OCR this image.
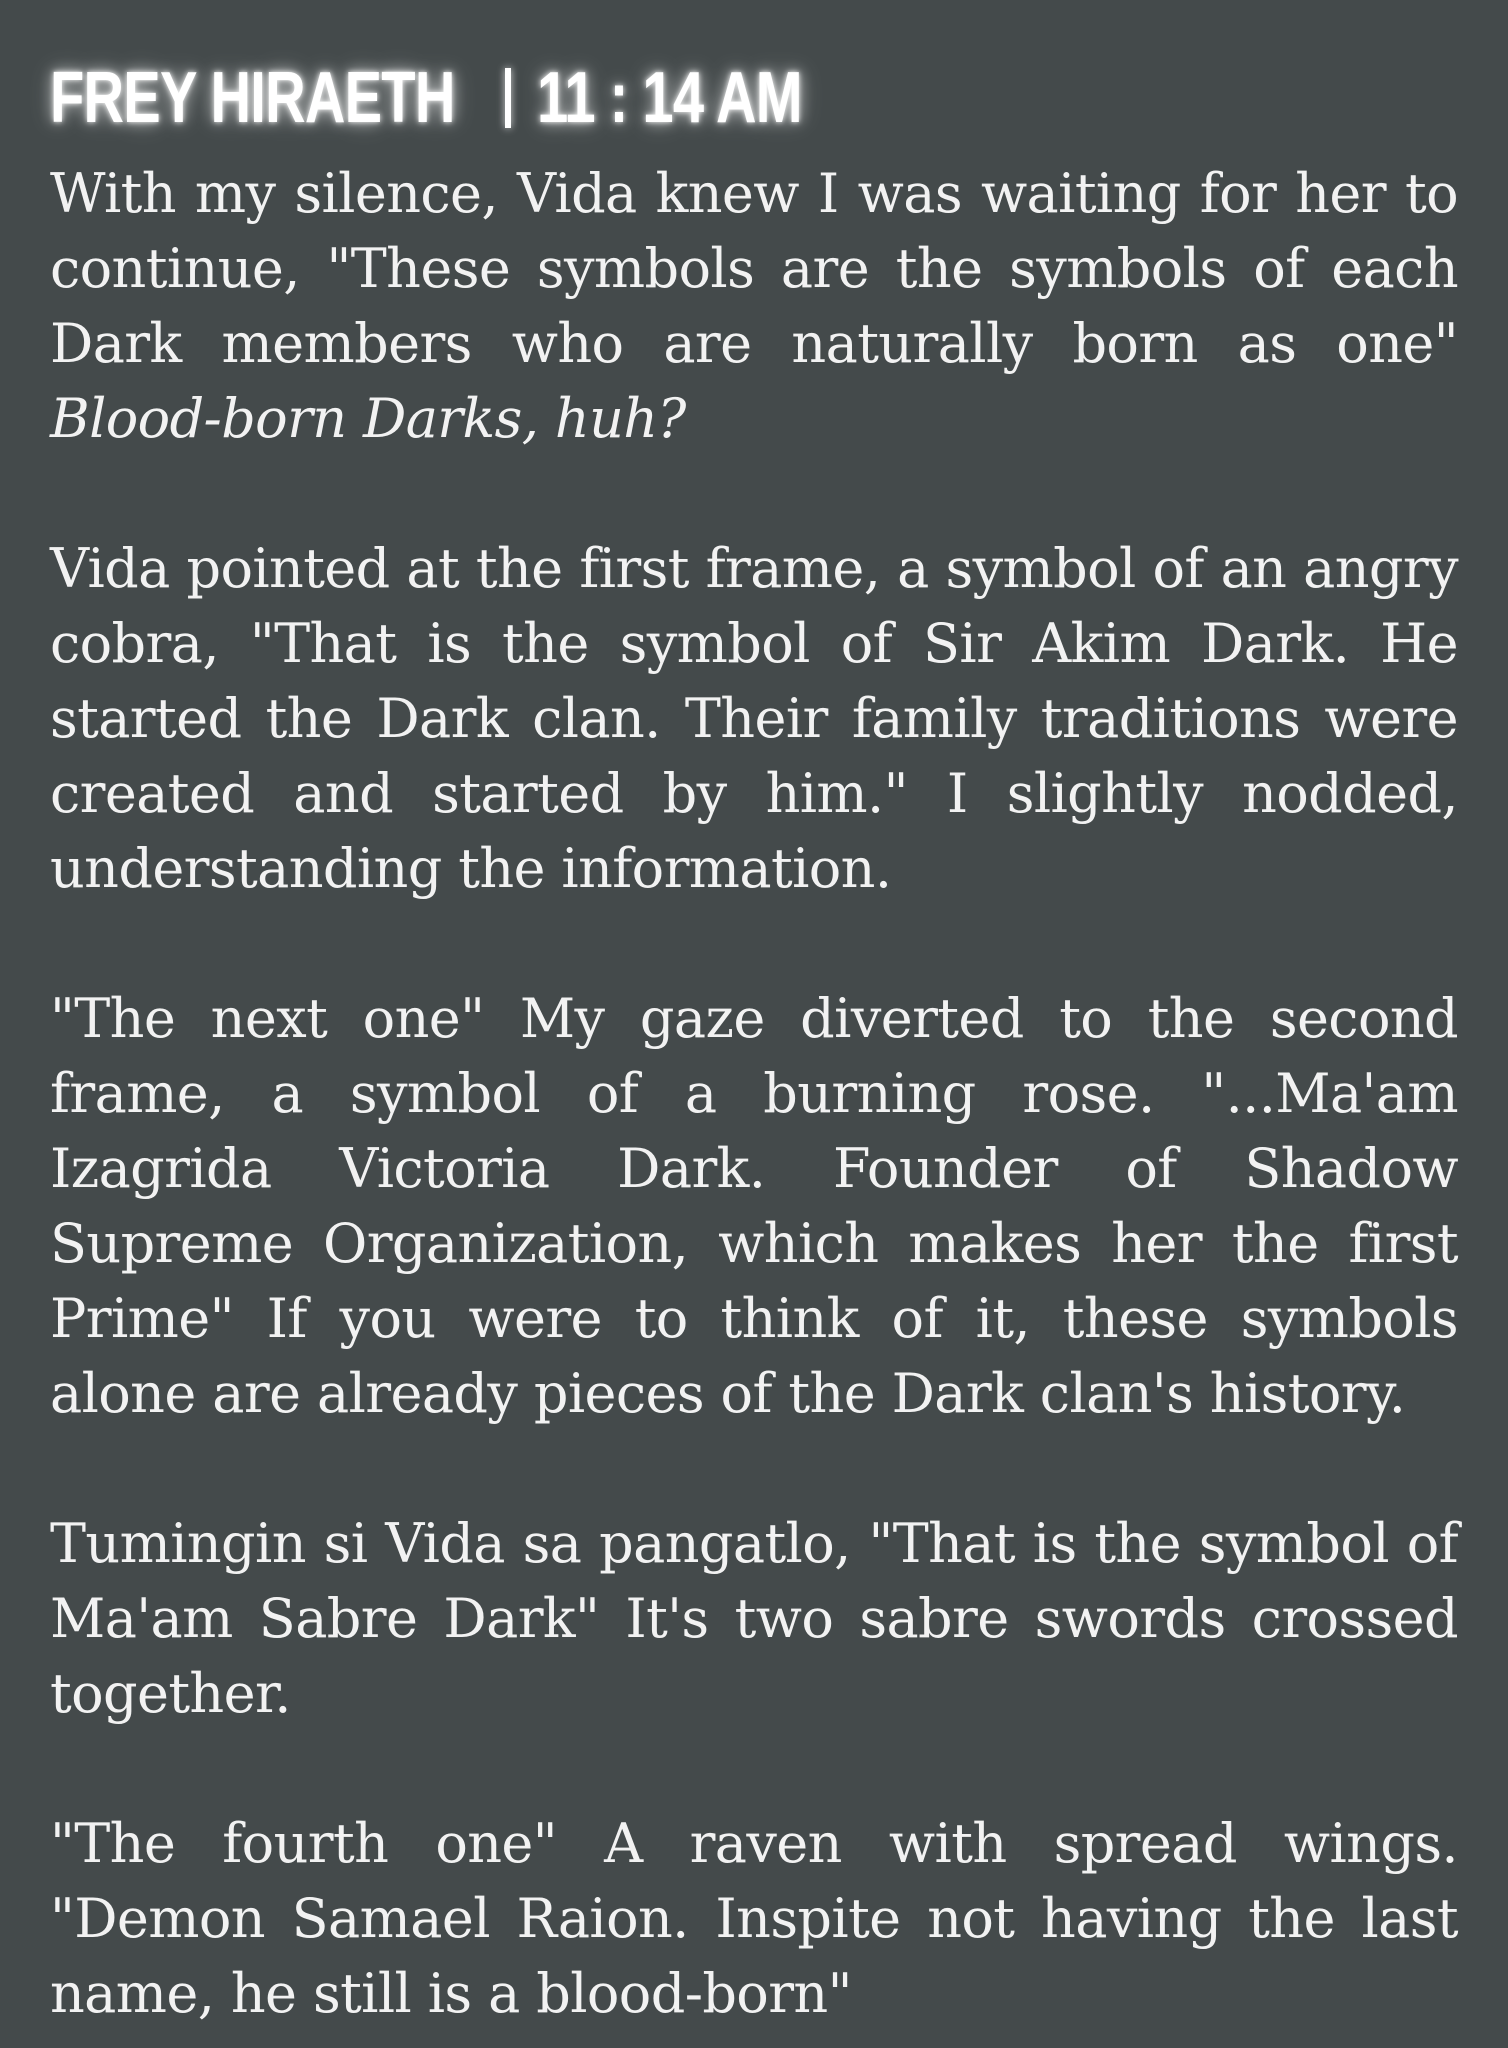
FREY HIRAETH 11 : 14 AM

With my silence, Vida knew I was waiting for her to continue, "These symbols are the symbols of each Dark members who are naturally born as one" Blood-born Darks, huh?

Vida pointed at the first frame, a symbol of an angry cobra, "That is the symbol of Sir Akim Dark. He started the Dark clan. Their family traditions were created and started by him." I slightly nodded, understanding the information.

"The next one" My gaze diverted to the second frame, a symbol of a burning rose. "...Ma'am Izagrida Victoria Dark. Founder of Shadow Supreme Organization, which makes her the first Prime" If you were to think of it, these symbols alone are already pieces of the Dark clan's history.

Tumingin si Vida sa pangatlo, "That is the symbol of Ma'am Sabre Dark" It's two sabre swords crossed together.

"The fourth one" A raven with spread wings. "Demon Samael Raion. Inspite not having the last name, he still is a blood-born"
